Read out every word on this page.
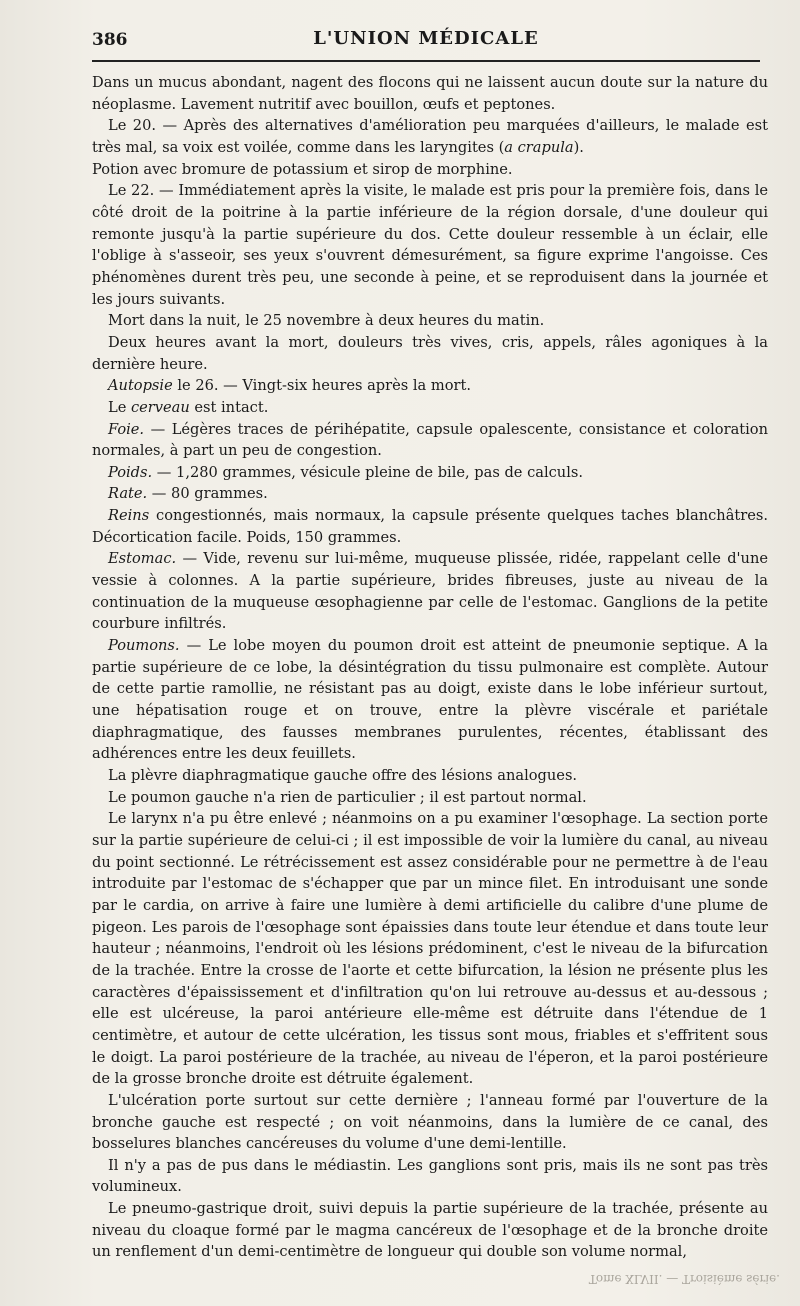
386	L'UNION MÉDICALE

Dans un mucus abondant, nagent des flocons qui ne laissent aucun doute sur la nature du néoplasme. Lavement nutritif avec bouillon, œufs et peptones.

Le 20. — Après des alternatives d'amélioration peu marquées d'ailleurs, le malade est très mal, sa voix est voilée, comme dans les laryngites (a crapula).

Potion avec bromure de potassium et sirop de morphine.

Le 22. — Immédiatement après la visite, le malade est pris pour la première fois, dans le côté droit de la poitrine à la partie inférieure de la région dorsale, d'une douleur qui remonte jusqu'à la partie supérieure du dos. Cette douleur ressemble à un éclair, elle l'oblige à s'asseoir, ses yeux s'ouvrent démesurément, sa figure exprime l'angoisse. Ces phénomènes durent très peu, une seconde à peine, et se reproduisent dans la journée et les jours suivants.

Mort dans la nuit, le 25 novembre à deux heures du matin.

Deux heures avant la mort, douleurs très vives, cris, appels, râles agoniques à la dernière heure.

Autopsie le 26. — Vingt-six heures après la mort.

Le cerveau est intact.

Foie. — Légères traces de périhépatite, capsule opalescente, consistance et coloration normales, à part un peu de congestion.

Poids. — 1,280 grammes, vésicule pleine de bile, pas de calculs.

Rate. — 80 grammes.

Reins congestionnés, mais normaux, la capsule présente quelques taches blanchâtres. Décortication facile. Poids, 150 grammes.

Estomac. — Vide, revenu sur lui-même, muqueuse plissée, ridée, rappelant celle d'une vessie à colonnes. A la partie supérieure, brides fibreuses, juste au niveau de la continuation de la muqueuse œsophagienne par celle de l'estomac. Ganglions de la petite courbure infiltrés.

Poumons. — Le lobe moyen du poumon droit est atteint de pneumonie septique. A la partie supérieure de ce lobe, la désintégration du tissu pulmonaire est complète. Autour de cette partie ramollie, ne résistant pas au doigt, existe dans le lobe inférieur surtout, une hépatisation rouge et on trouve, entre la plèvre viscérale et pariétale diaphragmatique, des fausses membranes purulentes, récentes, établissant des adhérences entre les deux feuillets.

La plèvre diaphragmatique gauche offre des lésions analogues.

Le poumon gauche n'a rien de particulier ; il est partout normal.

Le larynx n'a pu être enlevé ; néanmoins on a pu examiner l'œsophage. La section porte sur la partie supérieure de celui-ci ; il est impossible de voir la lumière du canal, au niveau du point sectionné. Le rétrécissement est assez considérable pour ne permettre à de l'eau introduite par l'estomac de s'échapper que par un mince filet. En introduisant une sonde par le cardia, on arrive à faire une lumière à demi artificielle du calibre d'une plume de pigeon. Les parois de l'œsophage sont épaissies dans toute leur étendue et dans toute leur hauteur ; néanmoins, l'endroit où les lésions prédominent, c'est le niveau de la bifurcation de la trachée. Entre la crosse de l'aorte et cette bifurcation, la lésion ne présente plus les caractères d'épaississement et d'infiltration qu'on lui retrouve au-dessus et au-dessous ; elle est ulcéreuse, la paroi antérieure elle-même est détruite dans l'étendue de 1 centimètre, et autour de cette ulcération, les tissus sont mous, friables et s'effritent sous le doigt. La paroi postérieure de la trachée, au niveau de l'éperon, et la paroi postérieure de la grosse bronche droite est détruite également.

L'ulcération porte surtout sur cette dernière ; l'anneau formé par l'ouverture de la bronche gauche est respecté ; on voit néanmoins, dans la lumière de ce canal, des bosselures blanches cancéreuses du volume d'une demi-lentille.

Il n'y a pas de pus dans le médiastin. Les ganglions sont pris, mais ils ne sont pas très volumineux.

Le pneumo-gastrique droit, suivi depuis la partie supérieure de la trachée, présente au niveau du cloaque formé par le magma cancéreux de l'œsophage et de la bronche droite un renflement d'un demi-centimètre de longueur qui double son volume normal,

Tome XLVII. — Troisième série.
